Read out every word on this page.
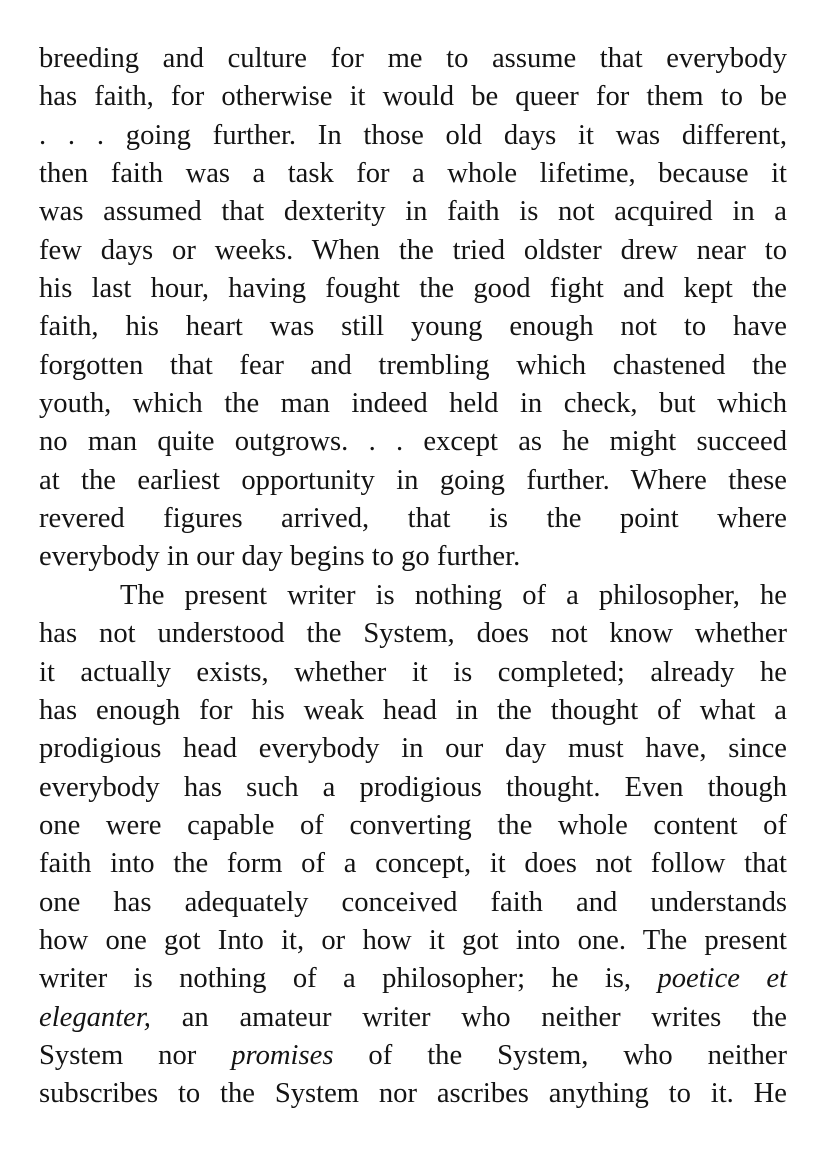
breeding and culture for me to assume that everybody
has faith, for otherwise it would be queer for them to be
. . . going further. In those old days it was different,
then faith was a task for a whole lifetime, because it
was assumed that dexterity in faith is not acquired in a
few days or weeks. When the tried oldster drew near to
his last hour, having fought the good fight and kept the
faith, his heart was still young enough not to have
forgotten that fear and trembling which chastened the
youth, which the man indeed held in check, but which
no man quite outgrows. . . except as he might succeed
at the earliest opportunity in going further. Where these
revered figures arrived, that is the point where
everybody in our day begins to go further.
The present writer is nothing of a philosopher, he
has not understood the System, does not know whether
it actually exists, whether it is completed; already he
has enough for his weak head in the thought of what a
prodigious head everybody in our day must have, since
everybody has such a prodigious thought. Even though
one were capable of converting the whole content of
faith into the form of a concept, it does not follow that
one has adequately conceived faith and understands
how one got Into it, or how it got into one. The present
writer is nothing of a philosopher; he is, poetice et
eleganter, an amateur writer who neither writes the
System nor promises of the System, who neither
subscribes to the System nor ascribes anything to it. He
